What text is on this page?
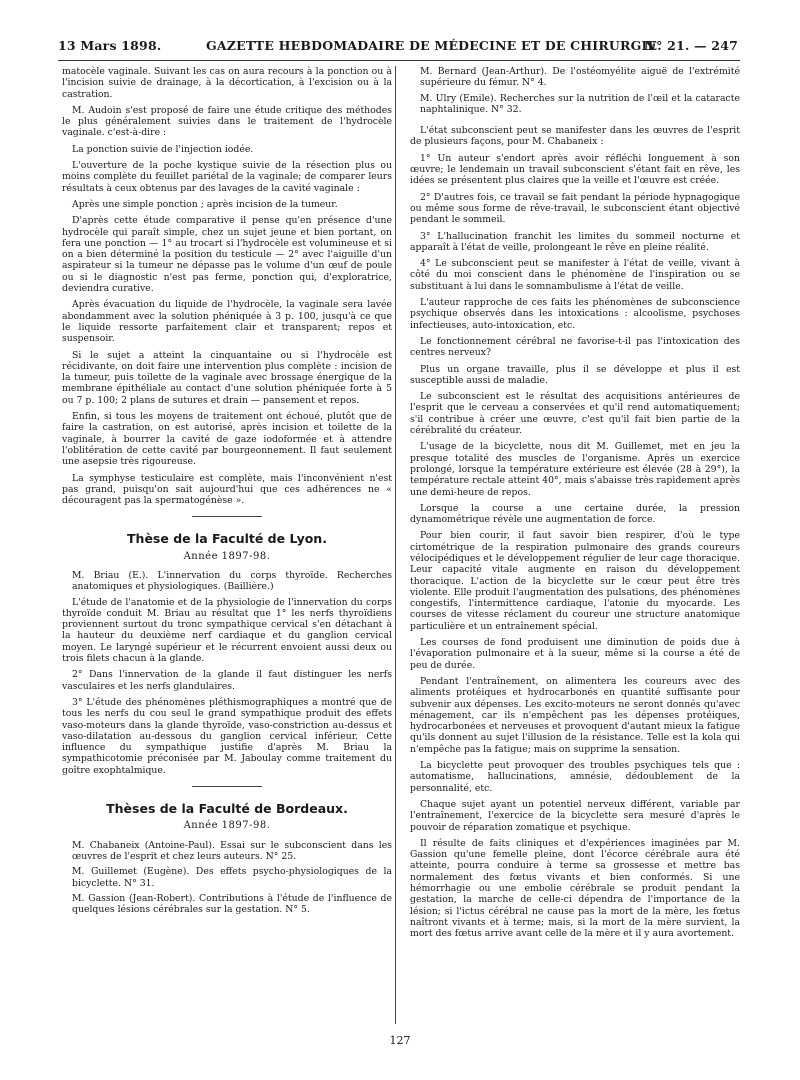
13 Mars 1898.	GAZETTE HEBDOMADAIRE DE MÉDECINE ET DE CHIRURGIE.
N° 21. — 247

matocèle vaginale. Suivant les cas on aura recours à la ponction ou à l'incision suivie de drainage, à la décortication, à l'excision ou à la castration.

M. Audoin s'est proposé de faire une étude critique des méthodes le plus généralement suivies dans le traitement de l'hydrocèle vaginale. c'est-à-dire :

La ponction suivie de l'injection iodée.

L'ouverture de la poche kystique suivie de la résection plus ou moins complète du feuillet pariétal de la vaginale; de comparer leurs résultats à ceux obtenus par des lavages de la cavité vaginale :

Après une simple ponction ; après incision de la tumeur.

D'après cette étude comparative il pense qu'en présence d'une hydrocèle qui paraît simple, chez un sujet jeune et bien portant, on fera une ponction — 1° au trocart si l'hydrocèle est volumineuse et si on a bien déterminé la position du testicule — 2° avec l'aiguille d'un aspirateur si la tumeur ne dépasse pas le volume d'un œuf de poule ou si le diagnostic n'est pas ferme, ponction qui, d'exploratrice, deviendra curative.

Après évacuation du liquide de l'hydrocèle, la vaginale sera lavée abondamment avec la solution phéniquée à 3 p. 100, jusqu'à ce que le liquide ressorte parfaitement clair et transparent; repos et suspensoir.

Si le sujet a atteint la cinquantaine ou si l'hydrocèle est récidivante, on doit faire une intervention plus complète : incision de la tumeur, puis toilette de la vaginale avec brossage énergique de la membrane épithéliale au contact d'une solution phéniquée forte à 5 ou 7 p. 100; 2 plans de sutures et drain — pansement et repos.

Enfin, si tous les moyens de traitement ont échoué, plutôt que de faire la castration, on est autorisé, après incision et toilette de la vaginale, à bourrer la cavité de gaze iodoformée et à attendre l'oblitération de cette cavité par bourgeonnement. Il faut seulement une asepsie très rigoureuse.

La symphyse testiculaire est complète, mais l'inconvénient n'est pas grand, puisqu'on sait aujourd'hui que ces adhérences ne « découragent pas la spermatogénèse ».

Thèse de la Faculté de Lyon.
Année 1897-98.

M. Briau (E.). L'innervation du corps thyroïde. Recherches anatomiques et physiologiques. (Baillière.)

L'étude de l'anatomie et de la physiologie de l'innervation du corps thyroïde conduit M. Briau au résultat que 1° les nerfs thyroïdiens proviennent surtout du tronc sympathique cervical s'en détachant à la hauteur du deuxième nerf cardiaque et du ganglion cervical moyen. Le laryngé supérieur et le récurrent envoient aussi deux ou trois filets chacun à la glande.

2° Dans l'innervation de la glande il faut distinguer les nerfs vasculaires et les nerfs glandulaires.

3° L'étude des phénomènes pléthismographiques a montré que de tous les nerfs du cou seul le grand sympathique produit des effets vaso-moteurs dans la glande thyroïde, vaso-constriction au-dessus et vaso-dilatation au-dessous du ganglion cervical inférieur. Cette influence du sympathique justifie d'après M. Briau la sympathicotomie préconisée par M. Jaboulay comme traitement du goître exophtalmique.

Thèses de la Faculté de Bordeaux.
Année 1897-98.

M. Chabaneix (Antoine-Paul). Essai sur le subconscient dans les œuvres de l'esprit et chez leurs auteurs. N° 25.

M. Guillemet (Eugène). Des effets psycho-physiologiques de la bicyclette. N° 31.

M. Gassion (Jean-Robert). Contributions à l'étude de l'influence de quelques lésions cérébrales sur la gestation. N° 5.

M. Bernard (Jean-Arthur). De l'ostéomyélite aiguë de l'extrémité supérieure du fémur. N° 4.

M. Ulry (Emile). Recherches sur la nutrition de l'œil et la cataracte naphtalinique. N° 32.

L'état subconscient peut se manifester dans les œuvres de l'esprit de plusieurs façons, pour M. Chabaneix :

1° Un auteur s'endort après avoir réfléchi longuement à son œuvre; le lendemain un travail subconscient s'étant fait en rêve, les idées se présentent plus claires que la veille et l'œuvre est créée.

2° D'autres fois, ce travail se fait pendant la période hypnagogique ou même sous forme de rêve-travail, le subconscient étant objectivé pendant le sommeil.

3° L'hallucination franchit les limites du sommeil nocturne et apparaît à l'état de veille, prolongeant le rêve en pleine réalité.

4° Le subconscient peut se manifester à l'état de veille, vivant à côté du moi conscient dans le phénomène de l'inspiration ou se substituant à lui dans le somnambulisme à l'état de veille.

L'auteur rapproche de ces faits les phénomènes de subconscience psychique observés dans les intoxications : alcoolisme, psychoses infectieuses, auto-intoxication, etc.

Le fonctionnement cérébral ne favorise-t-il pas l'intoxication des centres nerveux?

Plus un organe travaille, plus il se développe et plus il est susceptible aussi de maladie.

Le subconscient est le résultat des acquisitions antérieures de l'esprit que le cerveau a conservées et qu'il rend automatiquement; s'il contribue à créer une œuvre, c'est qu'il fait bien partie de la cérébralité du créateur.

L'usage de la bicyclette, nous dit M. Guillemet, met en jeu la presque totalité des muscles de l'organisme. Après un exercice prolongé, lorsque la température extérieure est élevée (28 à 29°), la température rectale atteint 40°, mais s'abaisse très rapidement après une demi-heure de repos.

Lorsque la course a une certaine durée, la pression dynamométrique révèle une augmentation de force.

Pour bien courir, il faut savoir bien respirer, d'où le type cirtométrique de la respiration pulmonaire des grands coureurs vélocipédiques et le développement régulier de leur cage thoracique. Leur capacité vitale augmente en raison du développement thoracique. L'action de la bicyclette sur le cœur peut être très violente. Elle produit l'augmentation des pulsations, des phénomènes congestifs, l'intermittence cardiaque, l'atonie du myocarde. Les courses de vitesse réclament du coureur une structure anatomique particulière et un entraînement spécial.

Les courses de fond produisent une diminution de poids due à l'évaporation pulmonaire et à la sueur, même si la course a été de peu de durée.

Pendant l'entraînement, on alimentera les coureurs avec des aliments protéiques et hydrocarbonés en quantité suffisante pour subvenir aux dépenses. Les excito-moteurs ne seront donnés qu'avec ménagement, car ils n'empêchent pas les dépenses protéiques, hydrocarbonées et nerveuses et provoquent d'autant mieux la fatigue qu'ils donnent au sujet l'illusion de la résistance. Telle est la kola qui n'empêche pas la fatigue; mais on supprime la sensation.

La bicyclette peut provoquer des troubles psychiques tels que : automatisme, hallucinations, amnésie, dédoublement de la personnalité, etc.

Chaque sujet ayant un potentiel nerveux différent, variable par l'entraînement, l'exercice de la bicyclette sera mesuré d'après le pouvoir de réparation zomatique et psychique.

Il résulte de faits cliniques et d'expériences imaginées par M. Gassion qu'une femelle pleine, dont l'écorce cérébrale aura été atteinte, pourra conduire à terme sa grossesse et mettre bas normalement des fœtus vivants et bien conformés. Si une hémorrhagie ou une embolie cérébrale se produit pendant la gestation, la marche de celle-ci dépendra de l'importance de la lésion; si l'ictus cérébral ne cause pas la mort de la mère, les fœtus naîtront vivants et à terme; mais, si la mort de la mère survient, la mort des fœtus arrive avant celle de la mère et il y aura avortement.

127
